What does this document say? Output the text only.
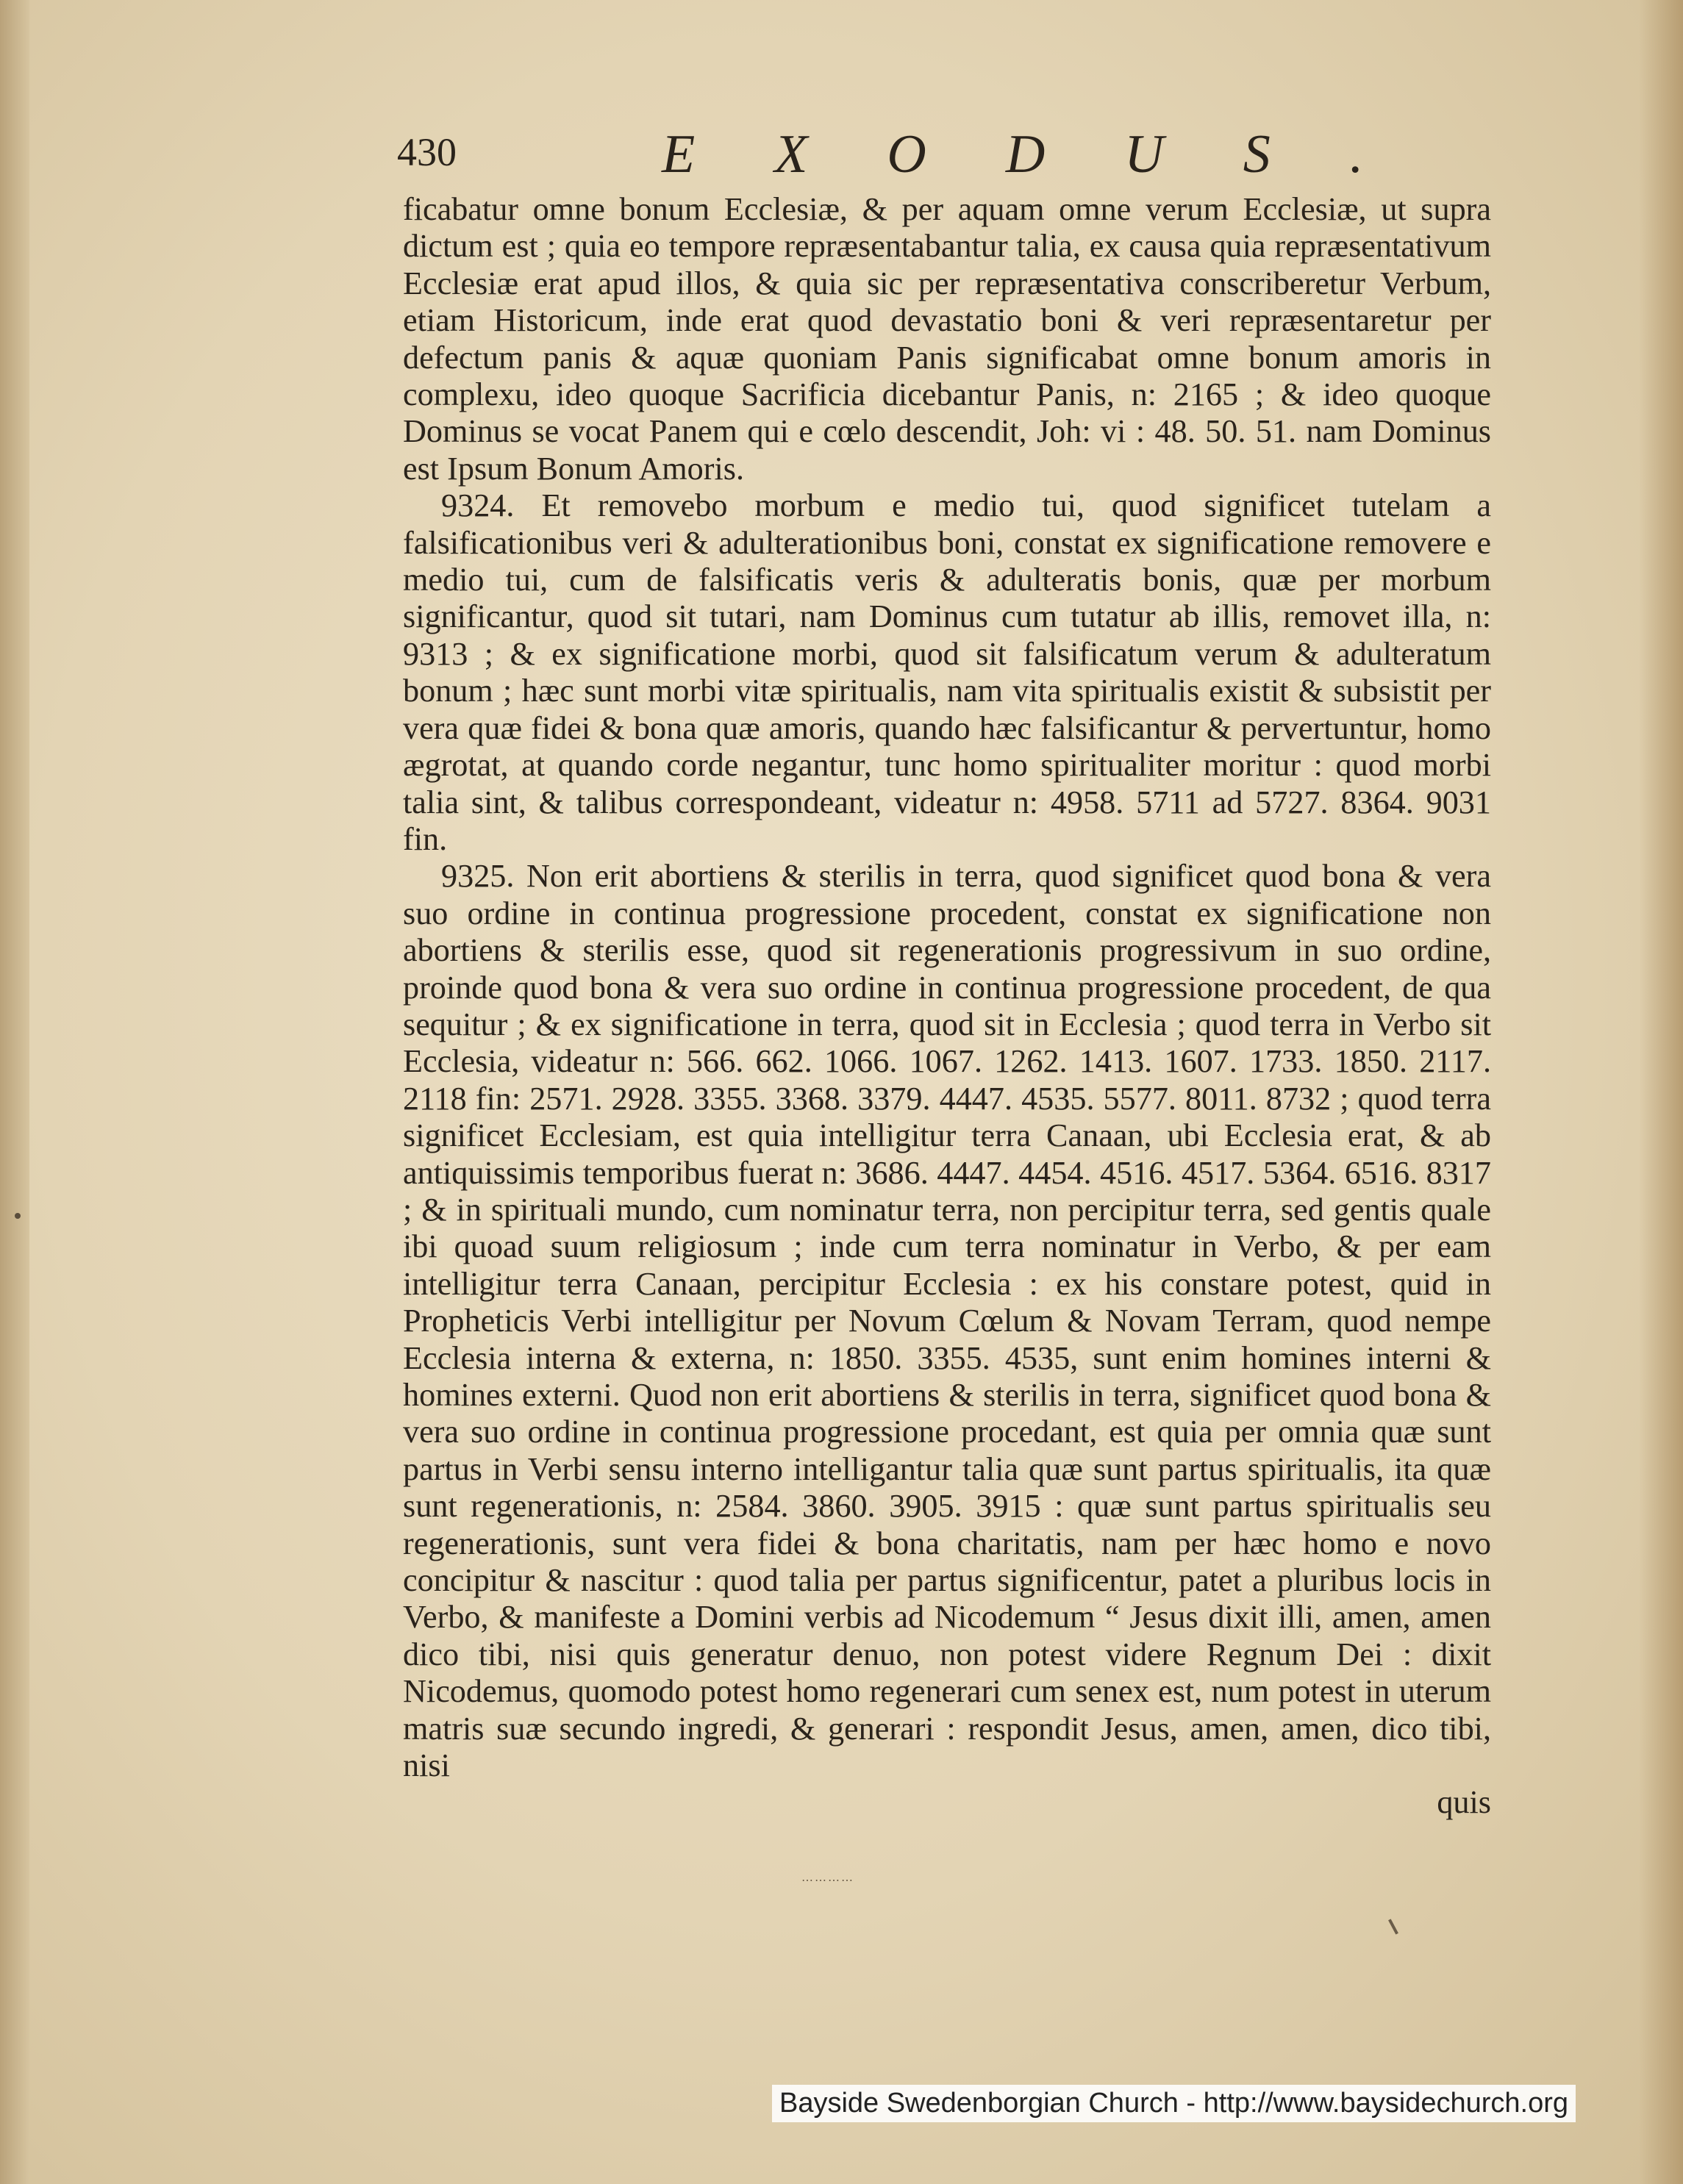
430	EXODUS.

ficabatur omne bonum Ecclesiæ, & per aquam omne verum Ecclesiæ, ut supra dictum est ; quia eo tempore repræsentabantur talia, ex causa quia repræsentativum Ecclesiæ erat apud illos, & quia sic per repræsentativa conscriberetur Verbum, etiam Historicum, inde erat quod devastatio boni & veri repræsentaretur per defectum panis & aquæ quoniam Panis significabat omne bonum amoris in complexu, ideo quoque Sacrificia dicebantur Panis, n: 2165 ; & ideo quoque Dominus se vocat Panem qui e cœlo descendit, Joh: vi : 48. 50. 51. nam Dominus est Ipsum Bonum Amoris.

9324. Et removebo morbum e medio tui, quod significet tutelam a falsificationibus veri & adulterationibus boni, constat ex significatione removere e medio tui, cum de falsificatis veris & adulteratis bonis, quæ per morbum significantur, quod sit tutari, nam Dominus cum tutatur ab illis, removet illa, n: 9313 ; & ex significatione morbi, quod sit falsificatum verum & adulteratum bonum ; hæc sunt morbi vitæ spiritualis, nam vita spiritualis existit & subsistit per vera quæ fidei & bona quæ amoris, quando hæc falsificantur & pervertuntur, homo ægrotat, at quando corde negantur, tunc homo spiritualiter moritur : quod morbi talia sint, & talibus correspondeant, videatur n: 4958. 5711 ad 5727. 8364. 9031 fin.

9325. Non erit abortiens & sterilis in terra, quod significet quod bona & vera suo ordine in continua progressione procedent, constat ex significatione non abortiens & sterilis esse, quod sit regenerationis progressivum in suo ordine, proinde quod bona & vera suo ordine in continua progressione procedent, de qua sequitur ; & ex significatione in terra, quod sit in Ecclesia ; quod terra in Verbo sit Ecclesia, videatur n: 566. 662. 1066. 1067. 1262. 1413. 1607. 1733. 1850. 2117. 2118 fin: 2571. 2928. 3355. 3368. 3379. 4447. 4535. 5577. 8011. 8732 ; quod terra significet Ecclesiam, est quia intelligitur terra Canaan, ubi Ecclesia erat, & ab antiquissimis temporibus fuerat n: 3686. 4447. 4454. 4516. 4517. 5364. 6516. 8317 ; & in spirituali mundo, cum nominatur terra, non percipitur terra, sed gentis quale ibi quoad suum religiosum ; inde cum terra nominatur in Verbo, & per eam intelligitur terra Canaan, percipitur Ecclesia : ex his constare potest, quid in Propheticis Verbi intelligitur per Novum Cœlum & Novam Terram, quod nempe Ecclesia interna & externa, n: 1850. 3355. 4535, sunt enim homines interni & homines externi. Quod non erit abortiens & sterilis in terra, significet quod bona & vera suo ordine in continua progressione procedant, est quia per omnia quæ sunt partus in Verbi sensu interno intelligantur talia quæ sunt partus spiritualis, ita quæ sunt regenerationis, n: 2584. 3860. 3905. 3915 : quæ sunt partus spiritualis seu regenerationis, sunt vera fidei & bona charitatis, nam per hæc homo e novo concipitur & nascitur : quod talia per partus significentur, patet a pluribus locis in Verbo, & manifeste a Domini verbis ad Nicodemum “ Jesus dixit illi, amen, amen dico tibi, nisi quis generatur denuo, non potest videre Regnum Dei : dixit Nicodemus, quomodo potest homo regenerari cum senex est, num potest in uterum matris suæ secundo ingredi, & generari : respondit Jesus, amen, amen, dico tibi, nisi

quis

⋯⋯⋯⋯
Bayside Swedenborgian Church - http://www.baysidechurch.org
